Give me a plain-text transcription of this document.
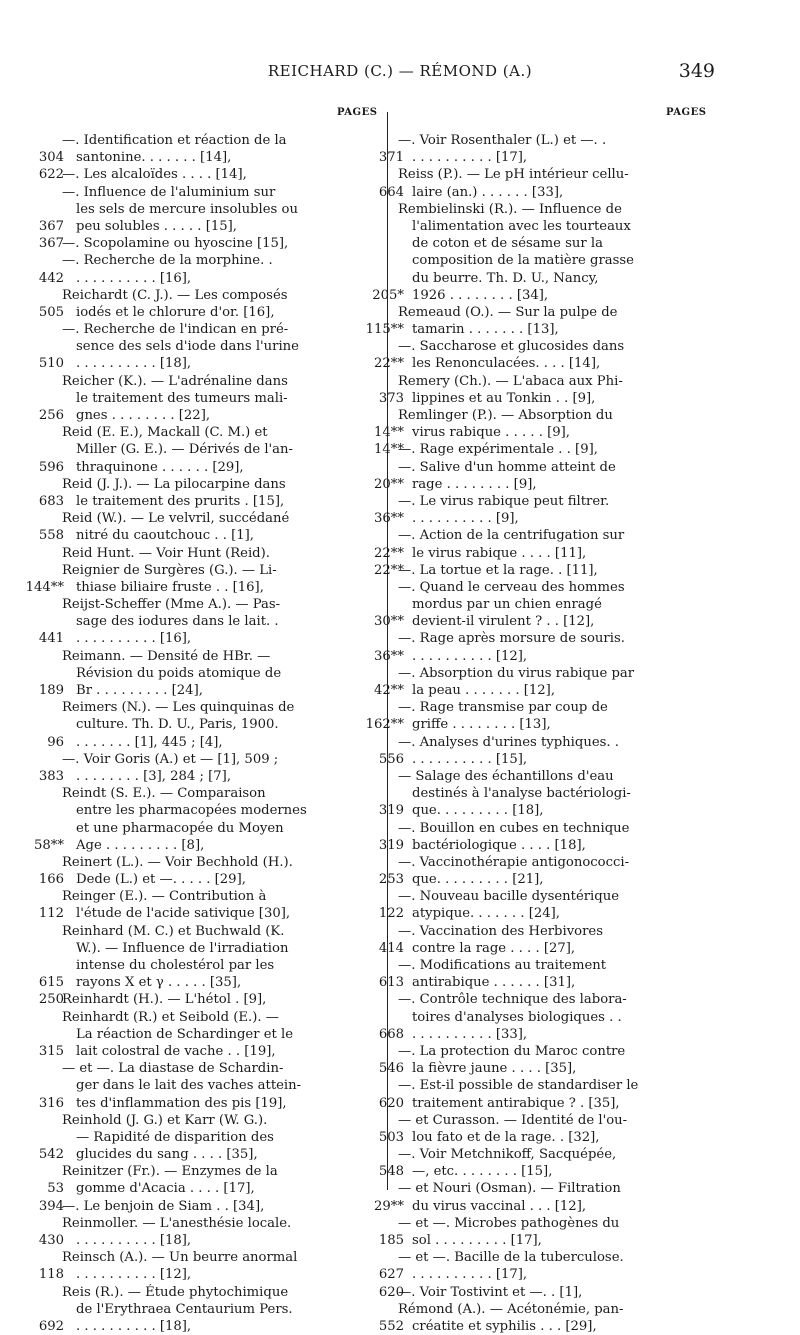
REICHARD (C.) — RÉMOND (A.)	349
PAGES
—. Identification et réaction de la
santonine. . . . . . . [14],
304
—. Les alcaloïdes . . . . [14],
622
—. Influence de l'aluminium sur
les sels de mercure insolubles ou
peu solubles . . . . . [15],
367
—. Scopolamine ou hyoscine [15],
367
—. Recherche de la morphine. .
. . . . . . . . . . [16],
442
Reichardt (C. J.). — Les composés
iodés et le chlorure d'or. [16],
505
—. Recherche de l'indican en pré-
sence des sels d'iode dans l'urine
. . . . . . . . . . [18],
510
Reicher (K.). — L'adrénaline dans
le traitement des tumeurs mali-
gnes . . . . . . . . [22],
256
Reid (E. E.), Mackall (C. M.) et
Miller (G. E.). — Dérivés de l'an-
thraquinone . . . . . . [29],
596
Reid (J. J.). — La pilocarpine dans
le traitement des prurits . [15],
683
Reid (W.). — Le velvril, succédané
nitré du caoutchouc . . [1],
558
Reid Hunt. — Voir Hunt (Reid).
Reignier de Surgères (G.). — Li-
thiase biliaire fruste . . [16],
144**
Reijst-Scheffer (Mme A.). — Pas-
sage des iodures dans le lait. .
. . . . . . . . . . [16],
441
Reimann. — Densité de HBr. —
Révision du poids atomique de
Br . . . . . . . . . [24],
189
Reimers (N.). — Les quinquinas de
culture. Th. D. U., Paris, 1900.
. . . . . . . [1], 445 ; [4],
96
—. Voir Goris (A.) et — [1], 509 ;
. . . . . . . . [3], 284 ; [7],
383
Reindt (S. E.). — Comparaison
entre les pharmacopées modernes
et une pharmacopée du Moyen
Age . . . . . . . . . [8],
58**
Reinert (L.). — Voir Bechhold (H.).
Dede (L.) et —. . . . . [29],
166
Reinger (E.). — Contribution à
l'étude de l'acide sativique [30],
112
Reinhard (M. C.) et Buchwald (K.
W.). — Influence de l'irradiation
intense du cholestérol par les
rayons X et γ . . . . . [35],
615
Reinhardt (H.). — L'hétol . [9],
250
Reinhardt (R.) et Seibold (E.). —
La réaction de Schardinger et le
lait colostral de vache . . [19],
315
— et —. La diastase de Schardin-
ger dans le lait des vaches attein-
tes d'inflammation des pis [19],
316
Reinhold (J. G.) et Karr (W. G.).
— Rapidité de disparition des
glucides du sang . . . . [35],
542
Reinitzer (Fr.). — Enzymes de la
gomme d'Acacia . . . . [17],
53
—. Le benjoin de Siam . . [34],
394
Reinmoller. — L'anesthésie locale.
. . . . . . . . . . [18],
430
Reinsch (A.). — Un beurre anormal
. . . . . . . . . . [12],
118
Reis (R.). — Étude phytochimique
de l'Erythraea Centaurium Pers.
. . . . . . . . . . [18],
692
PAGES
—. Voir Rosenthaler (L.) et —. .
. . . . . . . . . . [17],
371
Reiss (P.). — Le pH intérieur cellu-
laire (an.) . . . . . . [33],
664
Rembielinski (R.). — Influence de
l'alimentation avec les tourteaux
de coton et de sésame sur la
composition de la matière grasse
du beurre. Th. D. U., Nancy,
1926 . . . . . . . . [34],
205*
Remeaud (O.). — Sur la pulpe de
tamarin . . . . . . . [13],
115**
—. Saccharose et glucosides dans
les Renonculacées. . . . [14],
22**
Remery (Ch.). — L'abaca aux Phi-
lippines et au Tonkin . . [9],
373
Remlinger (P.). — Absorption du
virus rabique . . . . . [9],
14**
—. Rage expérimentale . . [9],
14**
—. Salive d'un homme atteint de
rage . . . . . . . . [9],
20**
—. Le virus rabique peut filtrer.
. . . . . . . . . . [9],
36**
—. Action de la centrifugation sur
le virus rabique . . . . [11],
22**
—. La tortue et la rage. . [11],
22**
—. Quand le cerveau des hommes
mordus par un chien enragé
devient-il virulent ? . . [12],
30**
—. Rage après morsure de souris.
. . . . . . . . . . [12],
36**
—. Absorption du virus rabique par
la peau . . . . . . . [12],
42**
—. Rage transmise par coup de
griffe . . . . . . . . [13],
162**
—. Analyses d'urines typhiques. .
. . . . . . . . . . [15],
556
— Salage des échantillons d'eau
destinés à l'analyse bactériologi-
que. . . . . . . . . [18],
319
—. Bouillon en cubes en technique
bactériologique . . . . [18],
319
—. Vaccinothérapie antigonococci-
que. . . . . . . . . [21],
253
—. Nouveau bacille dysentérique
atypique. . . . . . . [24],
122
—. Vaccination des Herbivores
contre la rage . . . . [27],
414
—. Modifications au traitement
antirabique . . . . . . [31],
613
—. Contrôle technique des labora-
toires d'analyses biologiques . .
. . . . . . . . . . [33],
668
—. La protection du Maroc contre
la fièvre jaune . . . . [35],
546
—. Est-il possible de standardiser le
traitement antirabique ? . [35],
620
— et Curasson. — Identité de l'ou-
lou fato et de la rage. . [32],
503
—. Voir Metchnikoff, Sacquépée,
—, etc. . . . . . . . [15],
548
— et Nouri (Osman). — Filtration
du virus vaccinal . . . [12],
29**
— et —. Microbes pathogènes du
sol . . . . . . . . . [17],
185
— et —. Bacille de la tuberculose.
. . . . . . . . . . [17],
627
—. Voir Tostivint et —. . [1],
620
Rémond (A.). — Acétonémie, pan-
créatite et syphilis . . . [29],
552
